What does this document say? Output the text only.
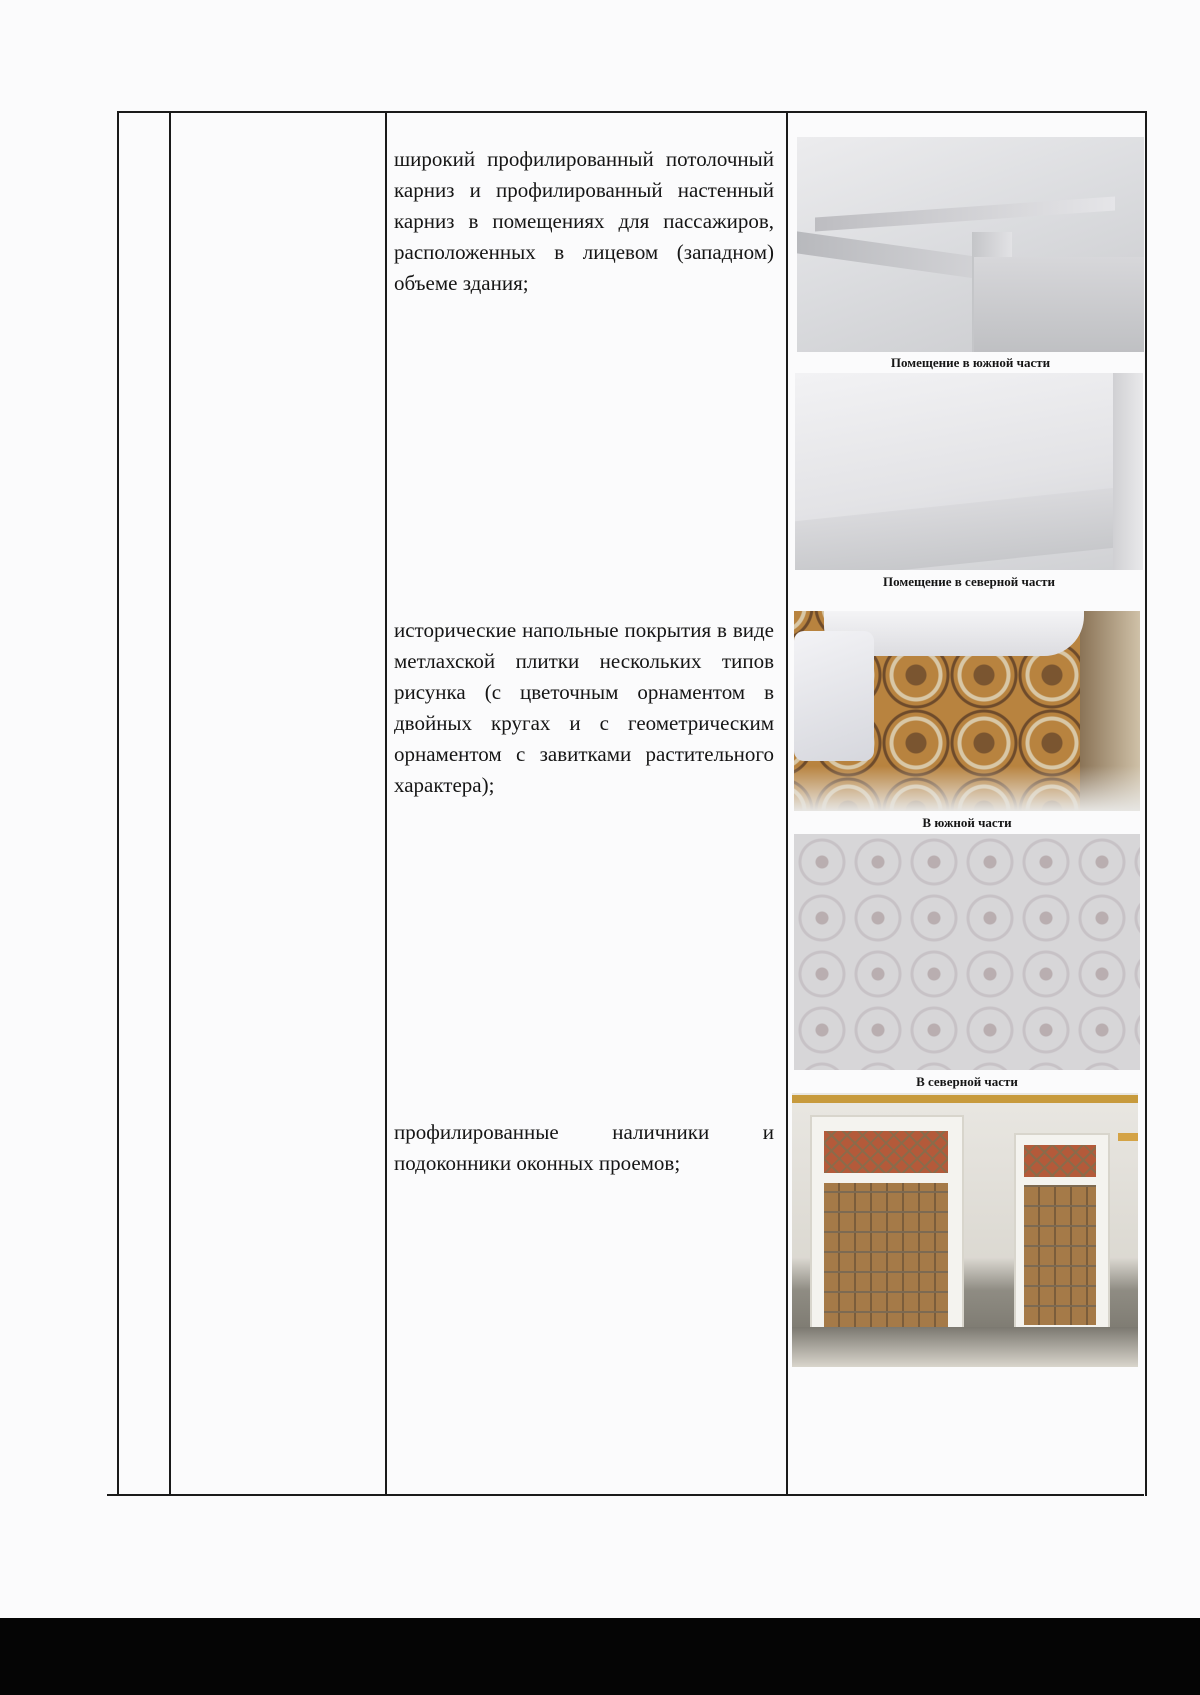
широкий профилированный потолочный карниз и профилированный настенный карниз в помещениях для пассажиров, расположенных в лицевом (западном) объеме здания;
Помещение в южной части
Помещение в северной части
исторические напольные покрытия в виде метлахской плитки нескольких типов рисунка (с цветочным орнаментом в двойных кругах и с геометрическим орнаментом с завитками растительного характера);
В южной части
В северной части
профилированные наличники и подоконники оконных проемов;
